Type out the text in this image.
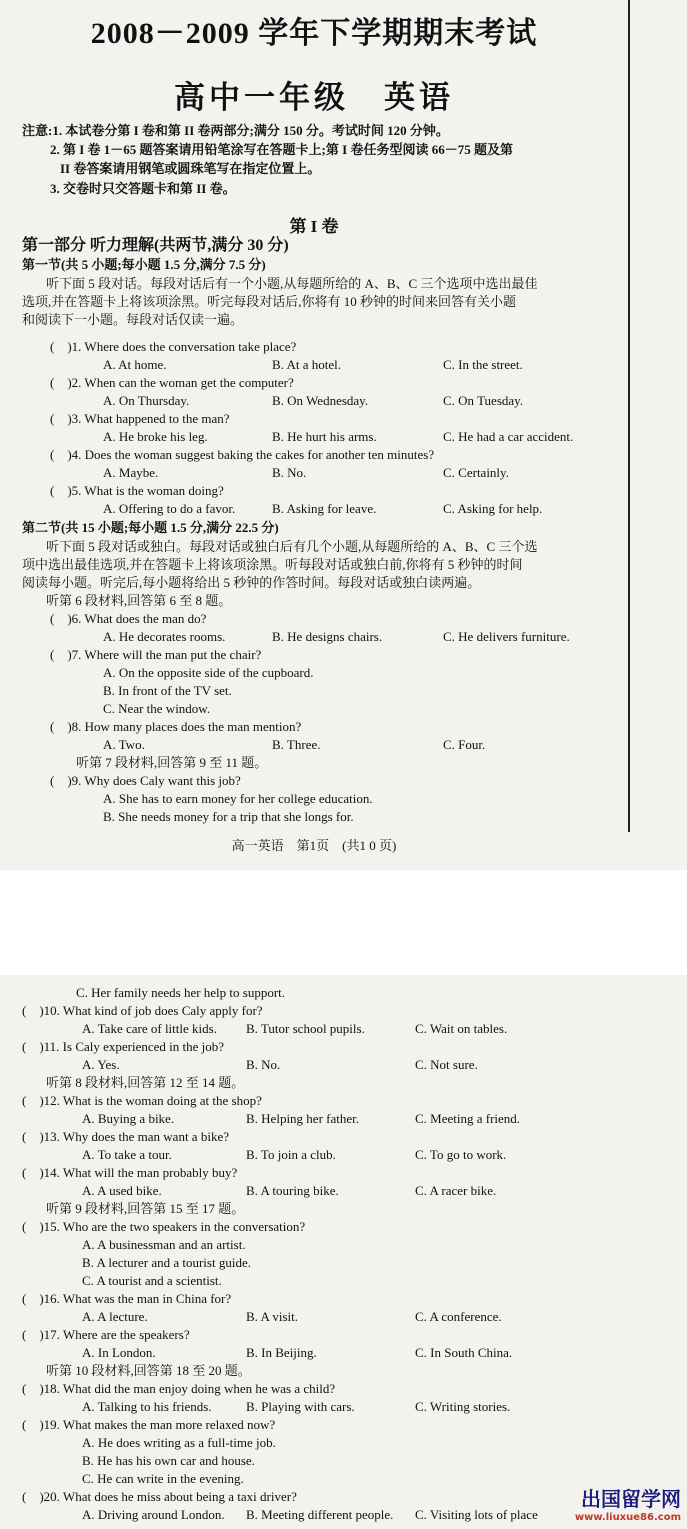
2008－2009 学年下学期期末考试
高中一年级　英语
注意:1. 本试卷分第 I 卷和第 II 卷两部分;满分 150 分。考试时间 120 分钟。
2. 第 I 卷 1－65 题答案请用铅笔涂写在答题卡上;第 I 卷任务型阅读 66－75 题及第
II 卷答案请用钢笔或圆珠笔写在指定位置上。
3. 交卷时只交答题卡和第 II 卷。
第 I 卷
第一部分 听力理解(共两节,满分 30 分)
第一节(共 5 小题;每小题 1.5 分,满分 7.5 分)
听下面 5 段对话。每段对话后有一个小题,从每题所给的 A、B、C 三个选项中选出最佳
选项,并在答题卡上将该项涂黑。听完每段对话后,你将有 10 秒钟的时间来回答有关小题
和阅读下一小题。每段对话仅读一遍。
(　)1. Where does the conversation take place?
A. At home.	B. At a hotel.	C. In the street.
(　)2. When can the woman get the computer?
A. On Thursday.	B. On Wednesday.	C. On Tuesday.
(　)3. What happened to the man?
A. He broke his leg.	B. He hurt his arms.	C. He had a car accident.
(　)4. Does the woman suggest baking the cakes for another ten minutes?
A. Maybe.	B. No.	C. Certainly.
(　)5. What is the woman doing?
A. Offering to do a favor.	B. Asking for leave.	C. Asking for help.
第二节(共 15 小题;每小题 1.5 分,满分 22.5 分)
听下面 5 段对话或独白。每段对话或独白后有几个小题,从每题所给的 A、B、C 三个选
项中选出最佳选项,并在答题卡上将该项涂黑。听每段对话或独白前,你将有 5 秒钟的时间
阅读每小题。听完后,每小题将给出 5 秒钟的作答时间。每段对话或独白读两遍。
听第 6 段材料,回答第 6 至 8 题。
(　)6. What does the man do?
A. He decorates rooms.	B. He designs chairs.	C. He delivers furniture.
(　)7. Where will the man put the chair?
A. On the opposite side of the cupboard.
B. In front of the TV set.
C. Near the window.
(　)8. How many places does the man mention?
A. Two.	B. Three.	C. Four.
听第 7 段材料,回答第 9 至 11 题。
(　)9. Why does Caly want this job?
A. She has to earn money for her college education.
B. She needs money for a trip that she longs for.
高一英语　第1页　(共1 0 页)
C. Her family needs her help to support.
(　)10. What kind of job does Caly apply for?
A. Take care of little kids. B. Tutor school pupils.	C. Wait on tables.
(　)11. Is Caly experienced in the job?
A. Yes.	B. No.	C. Not sure.
听第 8 段材料,回答第 12 至 14 题。
(　)12. What is the woman doing at the shop?
A. Buying a bike.	B. Helping her father.	C. Meeting a friend.
(　)13. Why does the man want a bike?
A. To take a tour.	B. To join a club.	C. To go to work.
(　)14. What will the man probably buy?
A. A used bike.	B. A touring bike.	C. A racer bike.
听第 9 段材料,回答第 15 至 17 题。
(　)15. Who are the two speakers in the conversation?
A. A businessman and an artist.
B. A lecturer and a tourist guide.
C. A tourist and a scientist.
(　)16. What was the man in China for?
A. A lecture.	B. A visit.	C. A conference.
(　)17. Where are the speakers?
A. In London.	B. In Beijing.	C. In South China.
听第 10 段材料,回答第 18 至 20 题。
(　)18. What did the man enjoy doing when he was a child?
A. Talking to his friends.	B. Playing with cars.	C. Writing stories.
(　)19. What makes the man more relaxed now?
A. He does writing as a full-time job.
B. He has his own car and house.
C. He can write in the evening.
(　)20. What does he miss about being a taxi driver?
A. Driving around London. B. Meeting different people. C. Visiting lots of place
出国留学网
www.liuxue86.com
